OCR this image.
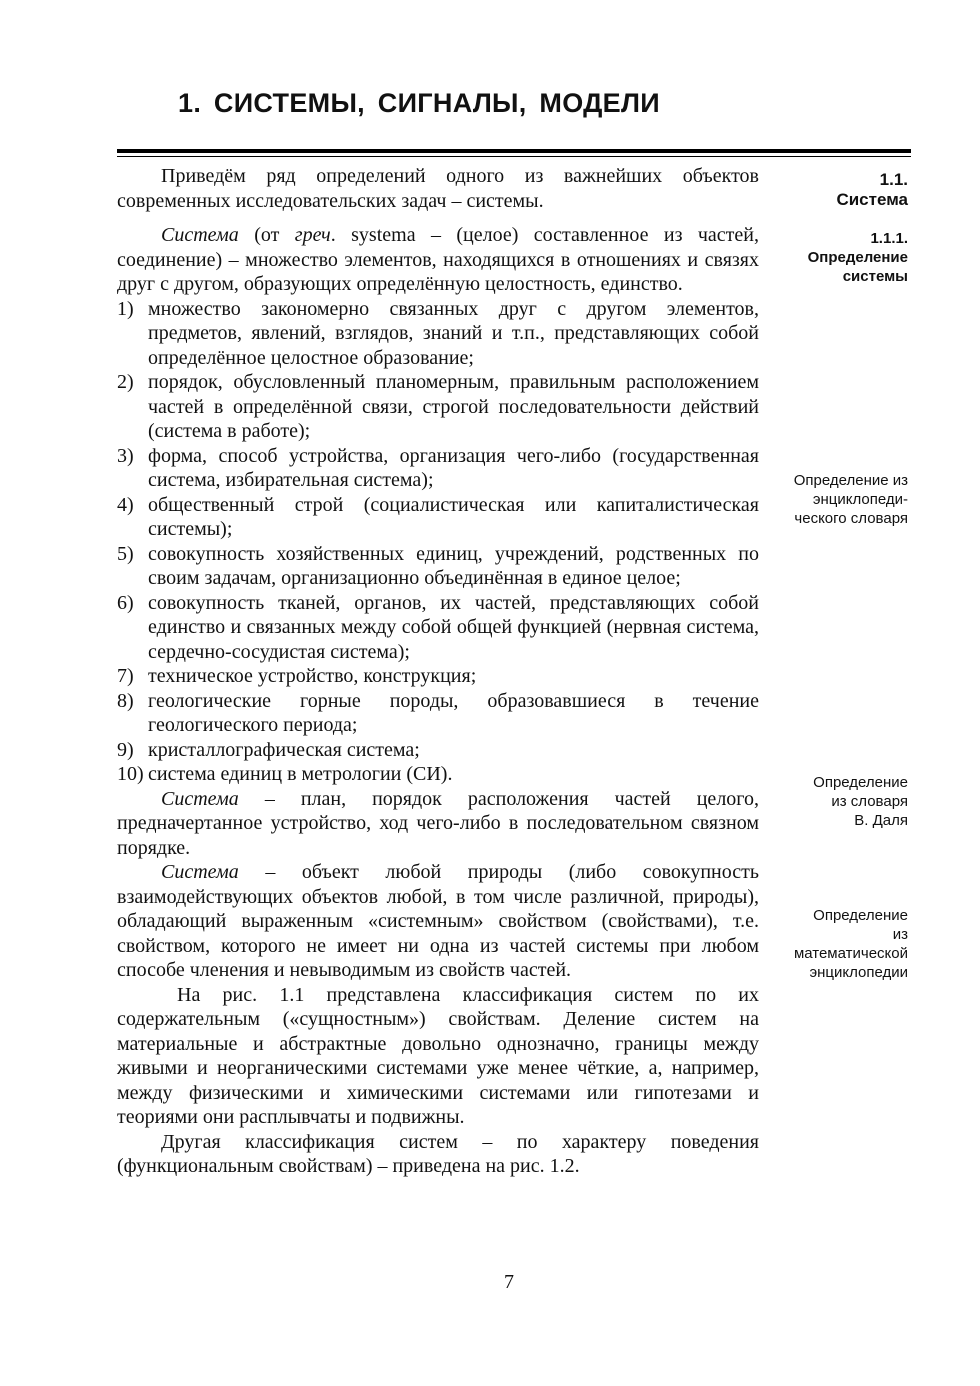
1. СИСТЕМЫ, СИГНАЛЫ, МОДЕЛИ

Приведём ряд определений одного из важнейших объектов современных исследовательских задач – системы.

Система (от греч. systema – (целое) составленное из частей, соединение) – множество элементов, находящихся в отношениях и связях друг с другом, образующих определённую целостность, единство.

1) множество закономерно связанных друг с другом элементов, предметов, явлений, взглядов, знаний и т.п., представляющих собой определённое целостное образование;
2) порядок, обусловленный планомерным, правильным расположением частей в определённой связи, строгой последовательности действий (система в работе);
3) форма, способ устройства, организация чего-либо (государственная система, избирательная система);
4) общественный строй (социалистическая или капиталистическая системы);
5) совокупность хозяйственных единиц, учреждений, родственных по своим задачам, организационно объединённая в единое целое;
6) совокупность тканей, органов, их частей, представляющих собой единство и связанных между собой общей функцией (нервная система, сердечно-сосудистая система);
7) техническое устройство, конструкция;
8) геологические горные породы, образовавшиеся в течение геологического периода;
9) кристаллографическая система;
10) система единиц в метрологии (СИ).

Система – план, порядок расположения частей целого, предначертанное устройство, ход чего-либо в последовательном связном порядке.

Система – объект любой природы (либо совокупность взаимодействующих объектов любой, в том числе различной, природы), обладающий выраженным «системным» свойством (свойствами), т.е. свойством, которого не имеет ни одна из частей системы при любом способе членения и невыводимым из свойств частей.

На рис. 1.1 представлена классификация систем по их содержательным («сущностным») свойствам. Деление систем на материальные и абстрактные довольно однозначно, границы между живыми и неорганическими системами уже менее чёткие, а, например, между физическими и химическими системами или гипотезами и теориями они расплывчаты и подвижны.

Другая классификация систем – по характеру поведения (функциональным свойствам) – приведена на рис. 1.2.

1.1.
Система
1.1.1.
Определение
системы
Определение из
энциклопеди-
ческого словаря
Определение
из словаря
В. Даля
Определение
из
математической
энциклопедии
7
